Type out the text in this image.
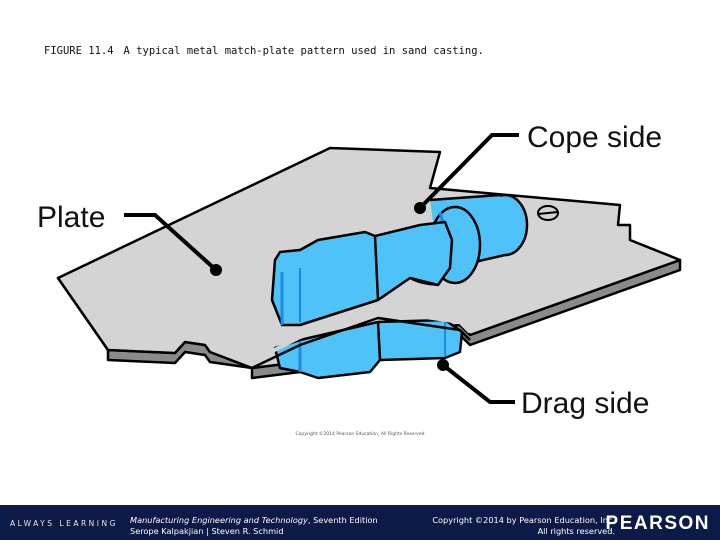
FIGURE 11.4 A typical metal match-plate pattern used in sand casting.
Plate
Cope side
Drag side
Copyright ©2014 Pearson Education, All Rights Reserved
ALWAYS LEARNING Manufacturing Engineering and Technology, Seventh Edition
Serope Kalpakjian | Steven R. Schmid
Copyright ©2014 by Pearson Education, Inc.
All rights reserved.
PEARSON
